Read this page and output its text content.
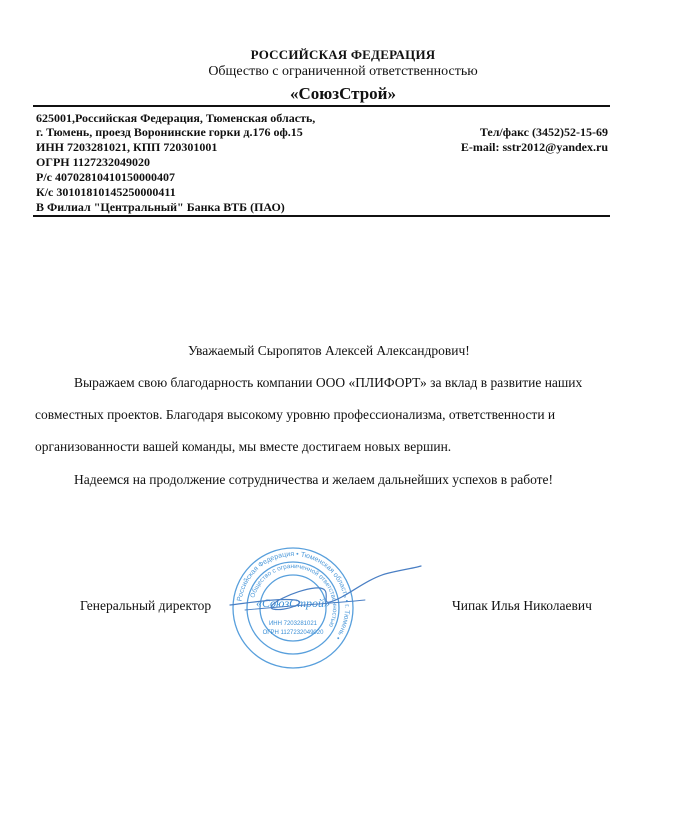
РОССИЙСКАЯ ФЕДЕРАЦИЯ
Общество с ограниченной ответственностью
«СоюзСтрой»
625001,Российская Федерация, Тюменская область,
г. Тюмень, проезд Воронинские горки д.176 оф.15
ИНН 7203281021, КПП 720301001
ОГРН 1127232049020
Р/с 40702810410150000407
К/с 30101810145250000411
В Филиал "Центральный" Банка ВТБ (ПАО)
Тел/факс (3452)52-15-69
E-mail: sstr2012@yandex.ru
Уважаемый Сыропятов Алексей Александрович!
Выражаем свою благодарность компании ООО «ПЛИФОРТ» за вклад в развитие наших
совместных проектов. Благодаря высокому уровню профессионализма, ответственности и
организованности вашей команды, мы вместе достигаем новых вершин.
Надеемся на продолжение сотрудничества и желаем дальнейших успехов в работе!
Генеральный директор	Чипак Илья Николаевич
Российская Федерация • Тюменская область • г. Тюмень •
Общество с ограниченной ответственностью
«СоюзСтрой»
ИНН 7203281021
ОГРН 1127232049020
